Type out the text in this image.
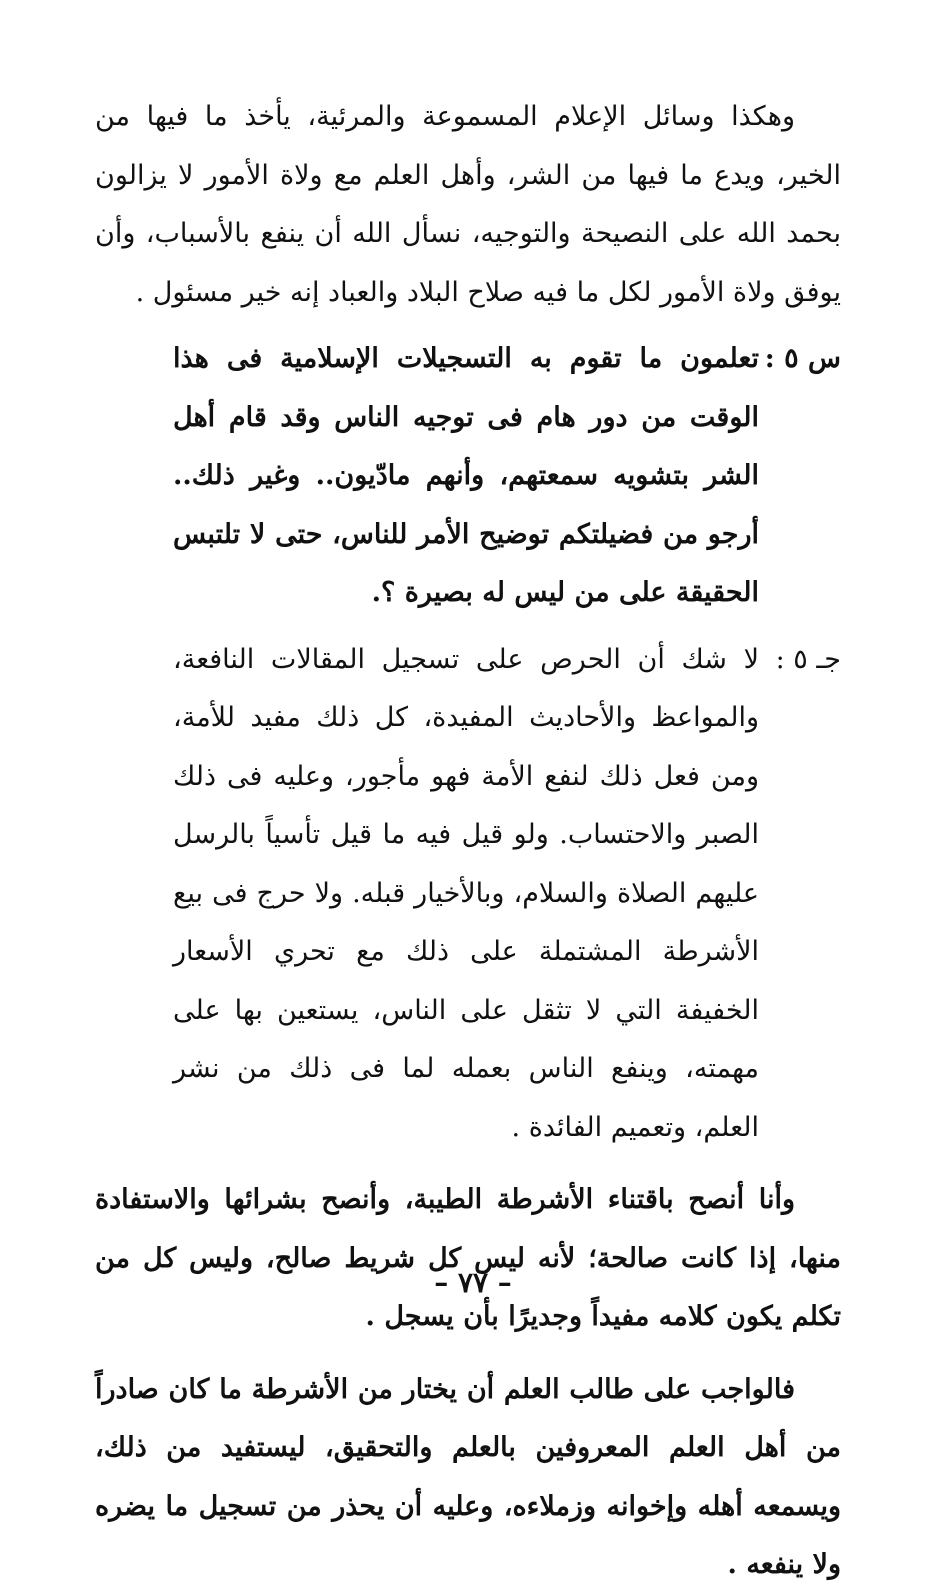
وهكذا وسائل الإعلام المسموعة والمرئية، يأخذ ما فيها من الخير، ويدع ما فيها من الشر، وأهل العلم مع ولاة الأمور لا يزالون بحمد الله على النصيحة والتوجيه، نسأل الله أن ينفع بالأسباب، وأن يوفق ولاة الأمور لكل ما فيه صلاح البلاد والعباد إنه خير مسئول .

س ٥ :
تعلمون ما تقوم به التسجيلات الإسلامية فى هذا الوقت من دور هام فى توجيه الناس وقد قام أهل الشر بتشويه سمعتهم، وأنهم مادّيون.. وغير ذلك.. أرجو من فضيلتكم توضيح الأمر للناس، حتى لا تلتبس الحقيقة على من ليس له بصيرة ؟.
جـ ٥ :
لا شك أن الحرص على تسجيل المقالات النافعة، والمواعظ والأحاديث المفيدة، كل ذلك مفيد للأمة، ومن فعل ذلك لنفع الأمة فهو مأجور، وعليه فى ذلك الصبر والاحتساب. ولو قيل فيه ما قيل تأسياً بالرسل عليهم الصلاة والسلام، وبالأخيار قبله. ولا حرج فى بيع الأشرطة المشتملة على ذلك مع تحري الأسعار الخفيفة التي لا تثقل على الناس، يستعين بها على مهمته، وينفع الناس بعمله لما فى ذلك من نشر العلم، وتعميم الفائدة .

وأنا أنصح باقتناء الأشرطة الطيبة، وأنصح بشرائها والاستفادة منها، إذا كانت صالحة؛ لأنه ليس كل شريط صالح، وليس كل من تكلم يكون كلامه مفيداً وجديرًا بأن يسجل .

فالواجب على طالب العلم أن يختار من الأشرطة ما كان صادراً من أهل العلم المعروفين بالعلم والتحقيق، ليستفيد من ذلك، ويسمعه أهله وإخوانه وزملاءه، وعليه أن يحذر من تسجيل ما يضره ولا ينفعه .

– ٧٧ –
